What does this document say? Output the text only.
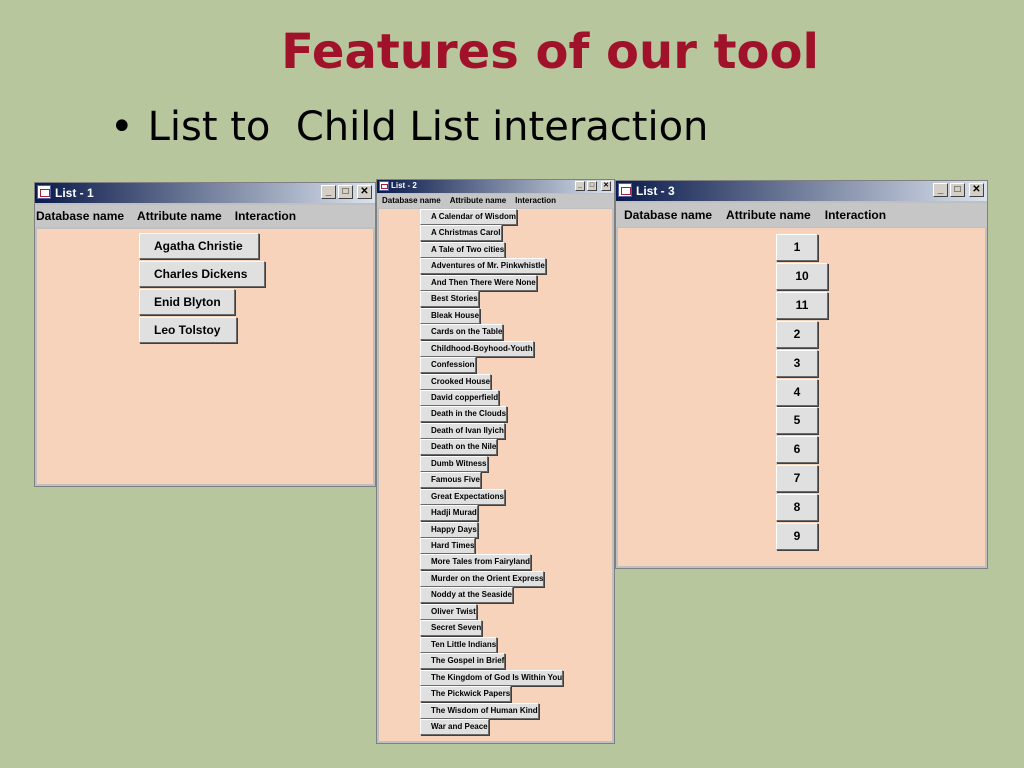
Features of our tool
• List to  Child List interaction
List - 1	_	□	✕
Database name Attribute name Interaction
Agatha Christie
Charles Dickens
Enid Blyton
Leo Tolstoy
List - 2	_	□	✕
Database name Attribute name Interaction
A Calendar of Wisdom
A Christmas Carol
A Tale of Two cities
Adventures of Mr. Pinkwhistle
And Then There Were None
Best Stories
Bleak House
Cards on the Table
Childhood-Boyhood-Youth
Confession
Crooked House
David copperfield
Death in the Clouds
Death of Ivan Ilyich
Death on the Nile
Dumb Witness
Famous Five
Great Expectations
Hadji Murad
Happy Days
Hard Times
More Tales from Fairyland
Murder on the Orient Express
Noddy at the Seaside
Oliver Twist
Secret Seven
Ten Little Indians
The Gospel in Brief
The Kingdom of God Is Within You
The Pickwick Papers
The Wisdom of Human Kind
War and Peace
List - 3	_	□	✕
Database name Attribute name Interaction
1
10
11
2
3
4
5
6
7
8
9
